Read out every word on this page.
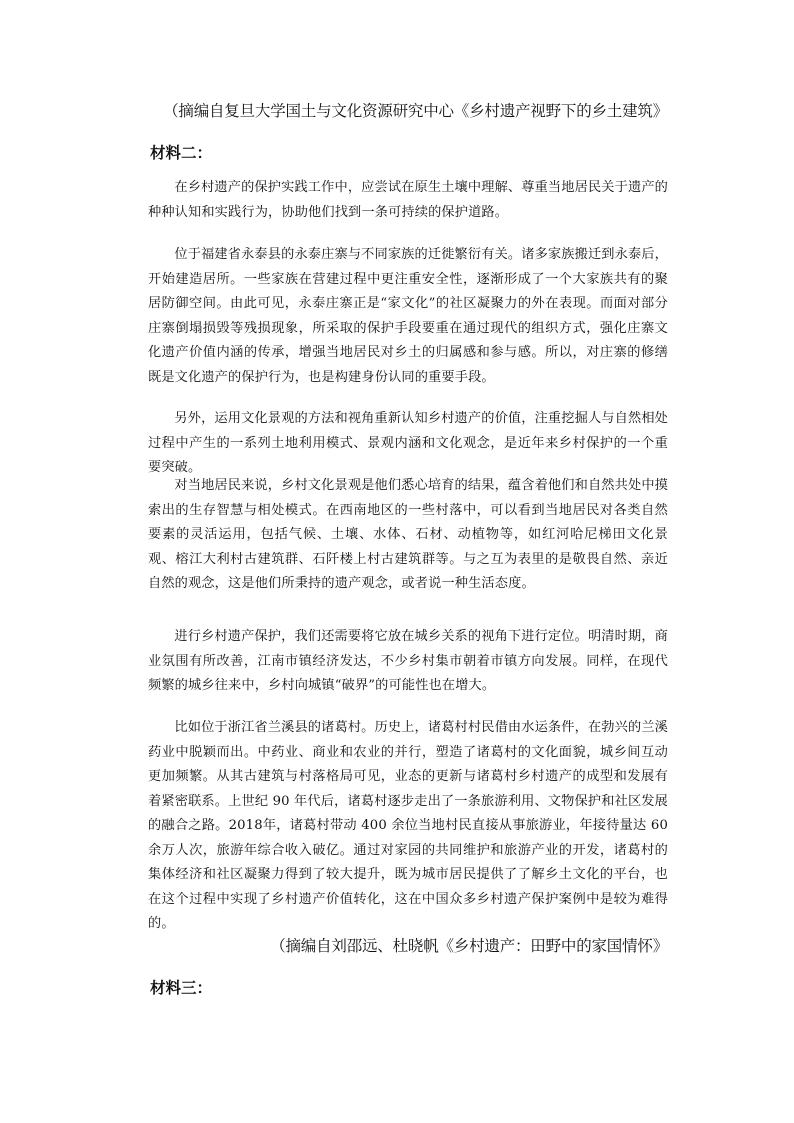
（摘编自复旦大学国土与文化资源研究中心《乡村遗产视野下的乡土建筑》
材料二：

在乡村遗产的保护实践工作中，应尝试在原生土壤中理解、尊重当地居民关于遗产的种种认知和实践行为，协助他们找到一条可持续的保护道路。

位于福建省永泰县的永泰庄寨与不同家族的迁徙繁衍有关。诸多家族搬迁到永泰后，开始建造居所。一些家族在营建过程中更注重安全性，逐渐形成了一个大家族共有的聚居防御空间。由此可见，永泰庄寨正是“家文化”的社区凝聚力的外在表现。而面对部分庄寨倒塌损毁等残损现象，所采取的保护手段要重在通过现代的组织方式，强化庄寨文化遗产价值内涵的传承，增强当地居民对乡土的归属感和参与感。所以，对庄寨的修缮既是文化遗产的保护行为，也是构建身份认同的重要手段。

另外，运用文化景观的方法和视角重新认知乡村遗产的价值，注重挖掘人与自然相处过程中产生的一系列土地利用模式、景观内涵和文化观念，是近年来乡村保护的一个重要突破。

对当地居民来说，乡村文化景观是他们悉心培育的结果，蕴含着他们和自然共处中摸索出的生存智慧与相处模式。在西南地区的一些村落中，可以看到当地居民对各类自然要素的灵活运用，包括气候、土壤、水体、石材、动植物等，如红河哈尼梯田文化景观、榕江大利村古建筑群、石阡楼上村古建筑群等。与之互为表里的是敬畏自然、亲近自然的观念，这是他们所秉持的遗产观念，或者说一种生活态度。

进行乡村遗产保护，我们还需要将它放在城乡关系的视角下进行定位。明清时期，商业氛围有所改善，江南市镇经济发达，不少乡村集市朝着市镇方向发展。同样，在现代频繁的城乡往来中，乡村向城镇“破界”的可能性也在增大。

比如位于浙江省兰溪县的诸葛村。历史上，诸葛村村民借由水运条件，在勃兴的兰溪药业中脱颖而出。中药业、商业和农业的并行，塑造了诸葛村的文化面貌，城乡间互动更加频繁。从其古建筑与村落格局可见，业态的更新与诸葛村乡村遗产的成型和发展有着紧密联系。上世纪 90 年代后，诸葛村逐步走出了一条旅游利用、文物保护和社区发展的融合之路。2018年，诸葛村带动 400 余位当地村民直接从事旅游业，年接待量达 60 余万人次，旅游年综合收入破亿。通过对家园的共同维护和旅游产业的开发，诸葛村的集体经济和社区凝聚力得到了较大提升，既为城市居民提供了了解乡土文化的平台，也在这个过程中实现了乡村遗产价值转化，这在中国众多乡村遗产保护案例中是较为难得的。

（摘编自刘邵远、杜晓帆《乡村遗产：田野中的家国情怀》
材料三：
